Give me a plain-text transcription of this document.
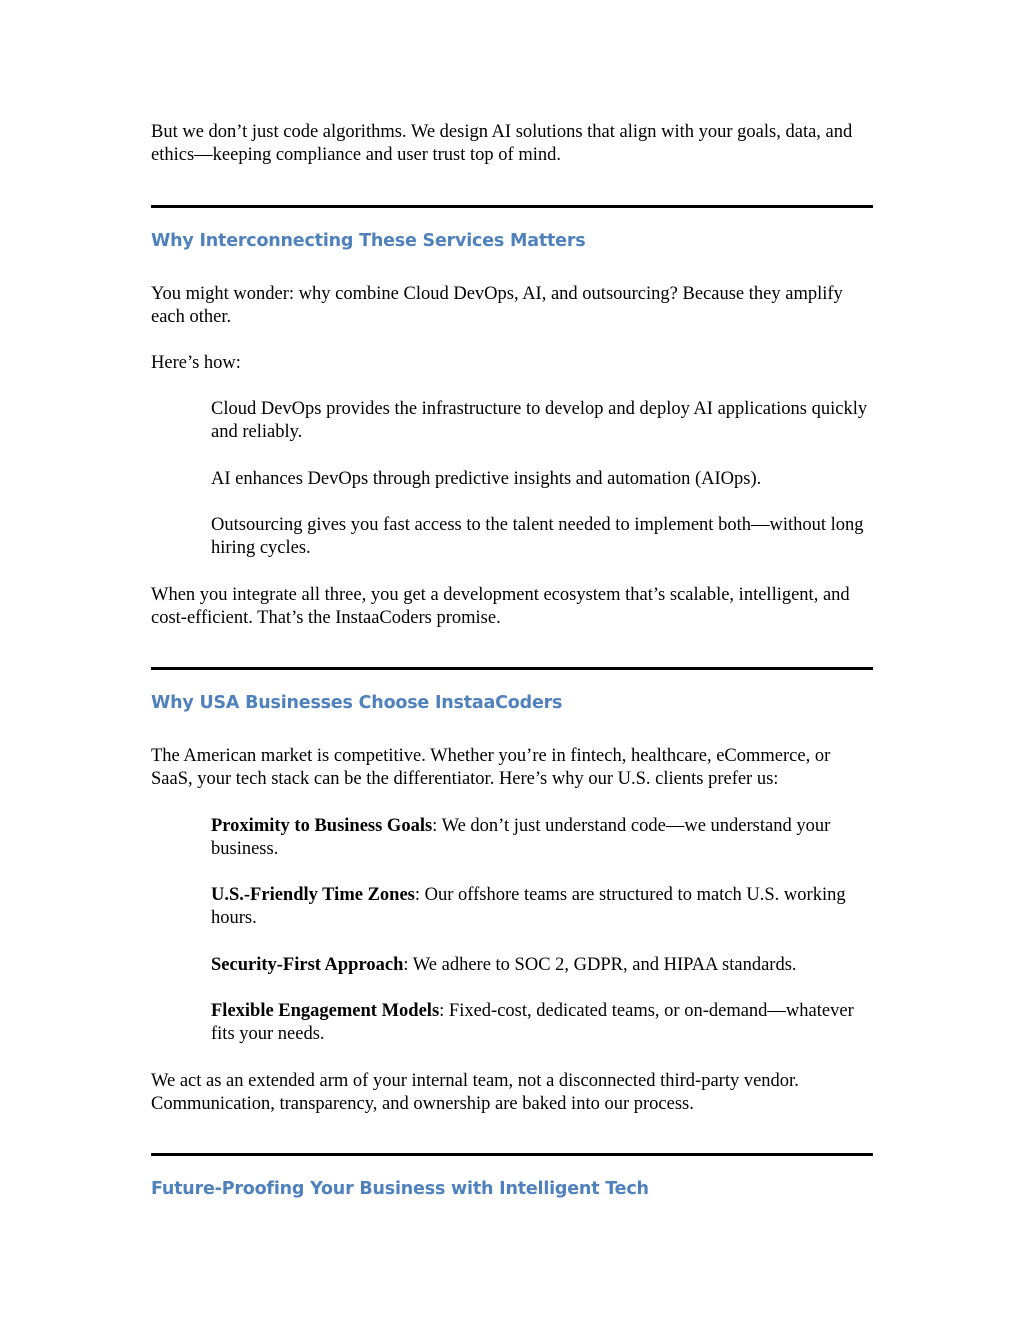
But we don’t just code algorithms. We design AI solutions that align with your goals, data, and ethics—keeping compliance and user trust top of mind.

Why Interconnecting These Services Matters

You might wonder: why combine Cloud DevOps, AI, and outsourcing? Because they amplify each other.

Here’s how:

Cloud DevOps provides the infrastructure to develop and deploy AI applications quickly and reliably.

AI enhances DevOps through predictive insights and automation (AIOps).

Outsourcing gives you fast access to the talent needed to implement both—without long hiring cycles.

When you integrate all three, you get a development ecosystem that’s scalable, intelligent, and cost-efficient. That’s the InstaaCoders promise.

Why USA Businesses Choose InstaaCoders

The American market is competitive. Whether you’re in fintech, healthcare, eCommerce, or SaaS, your tech stack can be the differentiator. Here’s why our U.S. clients prefer us:

Proximity to Business Goals: We don’t just understand code—we understand your business.

U.S.-Friendly Time Zones: Our offshore teams are structured to match U.S. working hours.

Security-First Approach: We adhere to SOC 2, GDPR, and HIPAA standards.

Flexible Engagement Models: Fixed-cost, dedicated teams, or on-demand—whatever fits your needs.

We act as an extended arm of your internal team, not a disconnected third-party vendor. Communication, transparency, and ownership are baked into our process.

Future-Proofing Your Business with Intelligent Tech
